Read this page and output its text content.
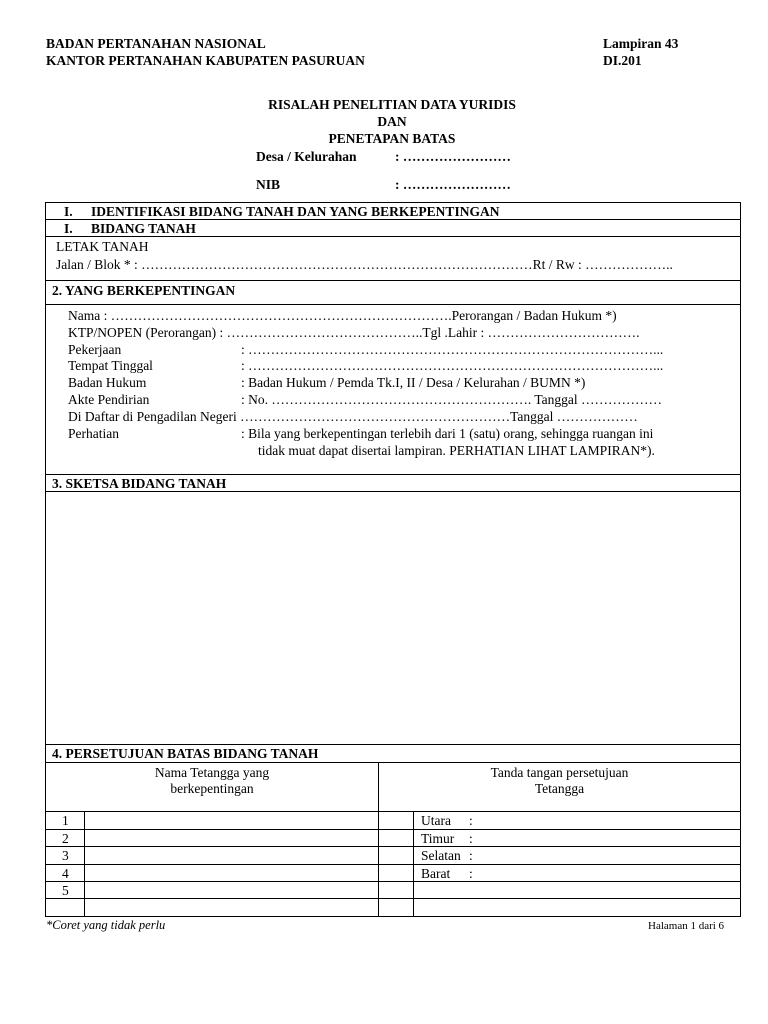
BADAN PERTANAHAN NASIONAL
KANTOR PERTANAHAN KABUPATEN PASURUAN
Lampiran 43
DI.201
RISALAH PENELITIAN DATA YURIDIS
DAN
PENETAPAN BATAS
Desa / Kelurahan	: ……………………
NIB	: ……………………
I. IDENTIFIKASI BIDANG TANAH DAN YANG BERKEPENTINGAN
I. BIDANG TANAH
LETAK TANAH
Jalan / Blok * : ……………………………………………………………………………Rt / Rw : ………………..
2. YANG BERKEPENTINGAN
Nama : ………………………………………………………………….Perorangan / Badan Hukum *)
KTP/NOPEN (Perorangan) : ……………………………………..Tgl .Lahir : …………………………….
Pekerjaan	: ………………………………………………………………………………...
Tempat Tinggal	: ………………………………………………………………………………...
Badan Hukum	: Badan Hukum / Pemda Tk.I, II / Desa / Kelurahan / BUMN *)
Akte Pendirian	: No. …………………………………………………. Tanggal ………………
Di Daftar di Pengadilan Negeri ……………………………………………………Tanggal ………………
Perhatian	: Bila yang berkepentingan terlebih dari 1 (satu) orang, sehingga ruangan ini
tidak muat dapat disertai lampiran. PERHATIAN LIHAT LAMPIRAN*).
3. SKETSA BIDANG TANAH
4. PERSETUJUAN BATAS BIDANG TANAH
Nama Tetangga yang
berkepentingan
Tanda tangan persetujuan
Tetangga
1	Utara :
2	Timur :
3	Selatan :
4	Barat :
5
*Coret yang tidak perlu	Halaman 1 dari 6
